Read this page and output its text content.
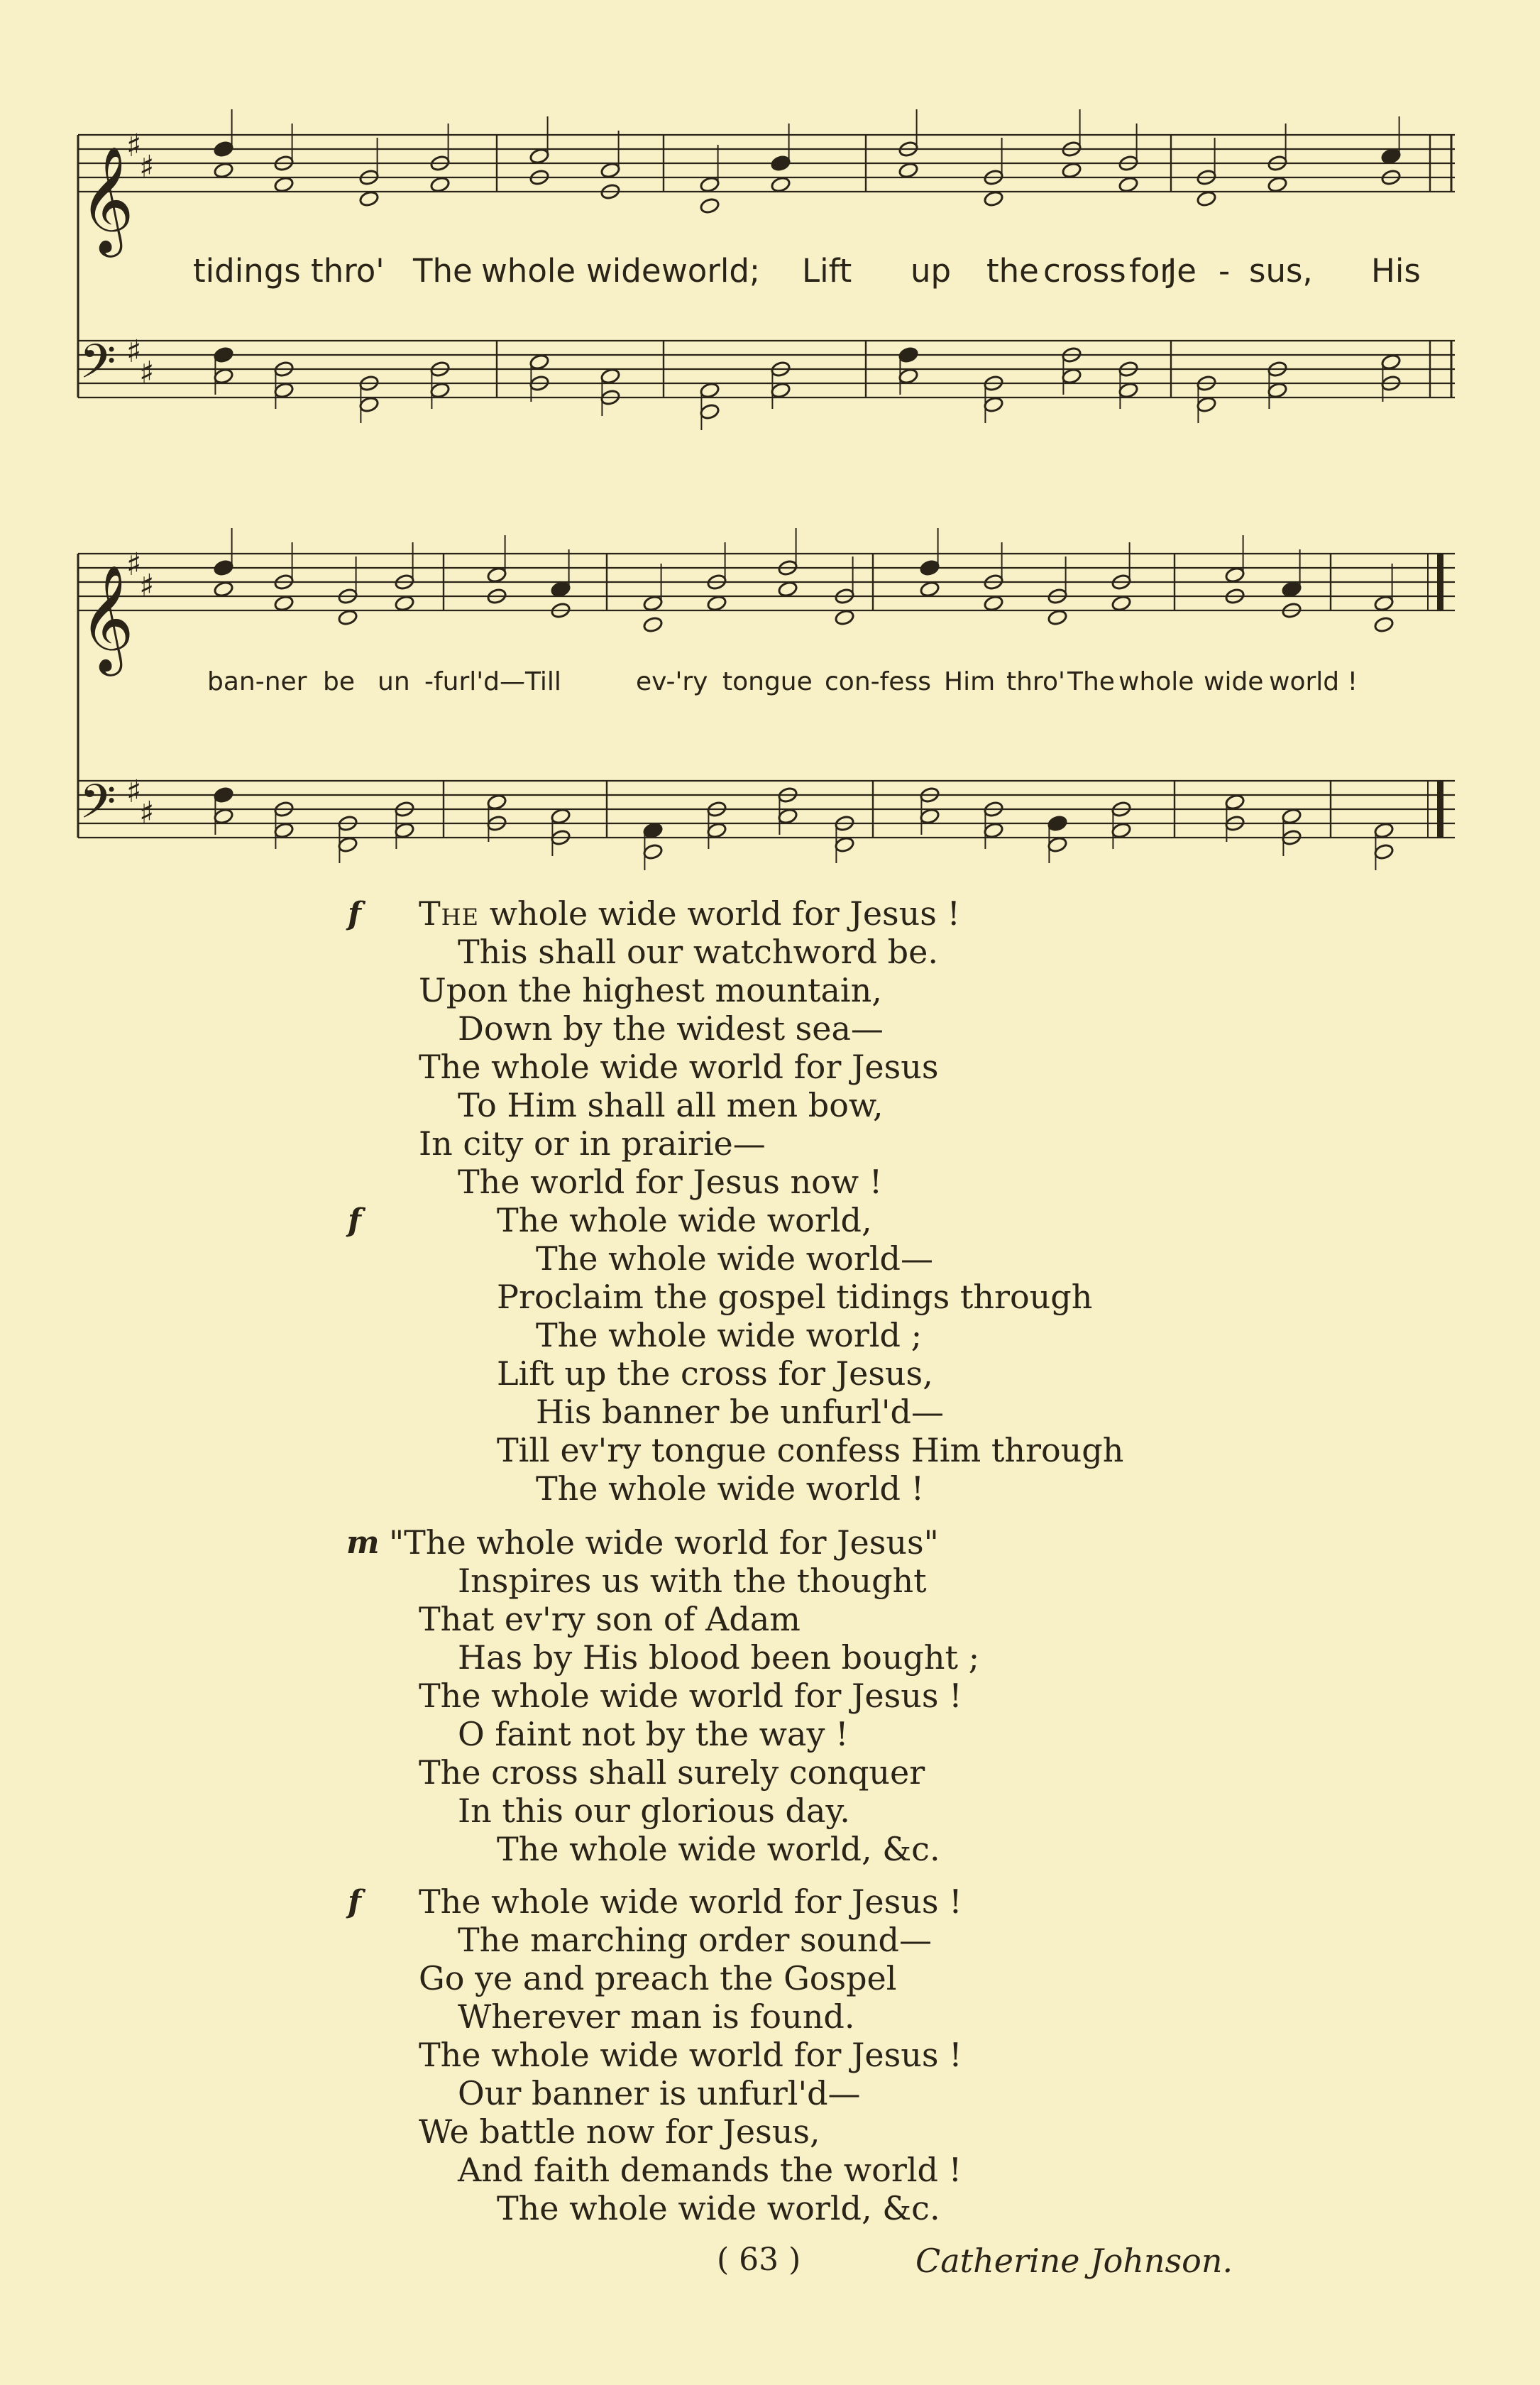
𝄞
𝄢
♯
♯
♯
♯
tidings thro' The whole wide world; Lift up the cross for
Je - sus, His
𝄞
𝄢
♯
♯
♯
♯
ban-ner be un -furl'd—Till	ev-'ry tongue con-fess Him thro' The whole wide world !
f The whole wide world for Jesus !
This shall our watchword be.
Upon the highest mountain,
Down by the widest sea—
The whole wide world for Jesus
To Him shall all men bow,
In city or in prairie—
The world for Jesus now !
f	The whole wide world,
The whole wide world—
Proclaim the gospel tidings through
The whole wide world ;
Lift up the cross for Jesus,
His banner be unfurl'd—
Till ev'ry tongue confess Him through
The whole wide world !
m "The whole wide world for Jesus"
Inspires us with the thought
That ev'ry son of Adam
Has by His blood been bought ;
The whole wide world for Jesus !
O faint not by the way !
The cross shall surely conquer
In this our glorious day.
The whole wide world, &c.
f The whole wide world for Jesus !
The marching order sound—
Go ye and preach the Gospel
Wherever man is found.
The whole wide world for Jesus !
Our banner is unfurl'd—
We battle now for Jesus,
And faith demands the world !
The whole wide world, &c.
( 63 )	Catherine Johnson.
